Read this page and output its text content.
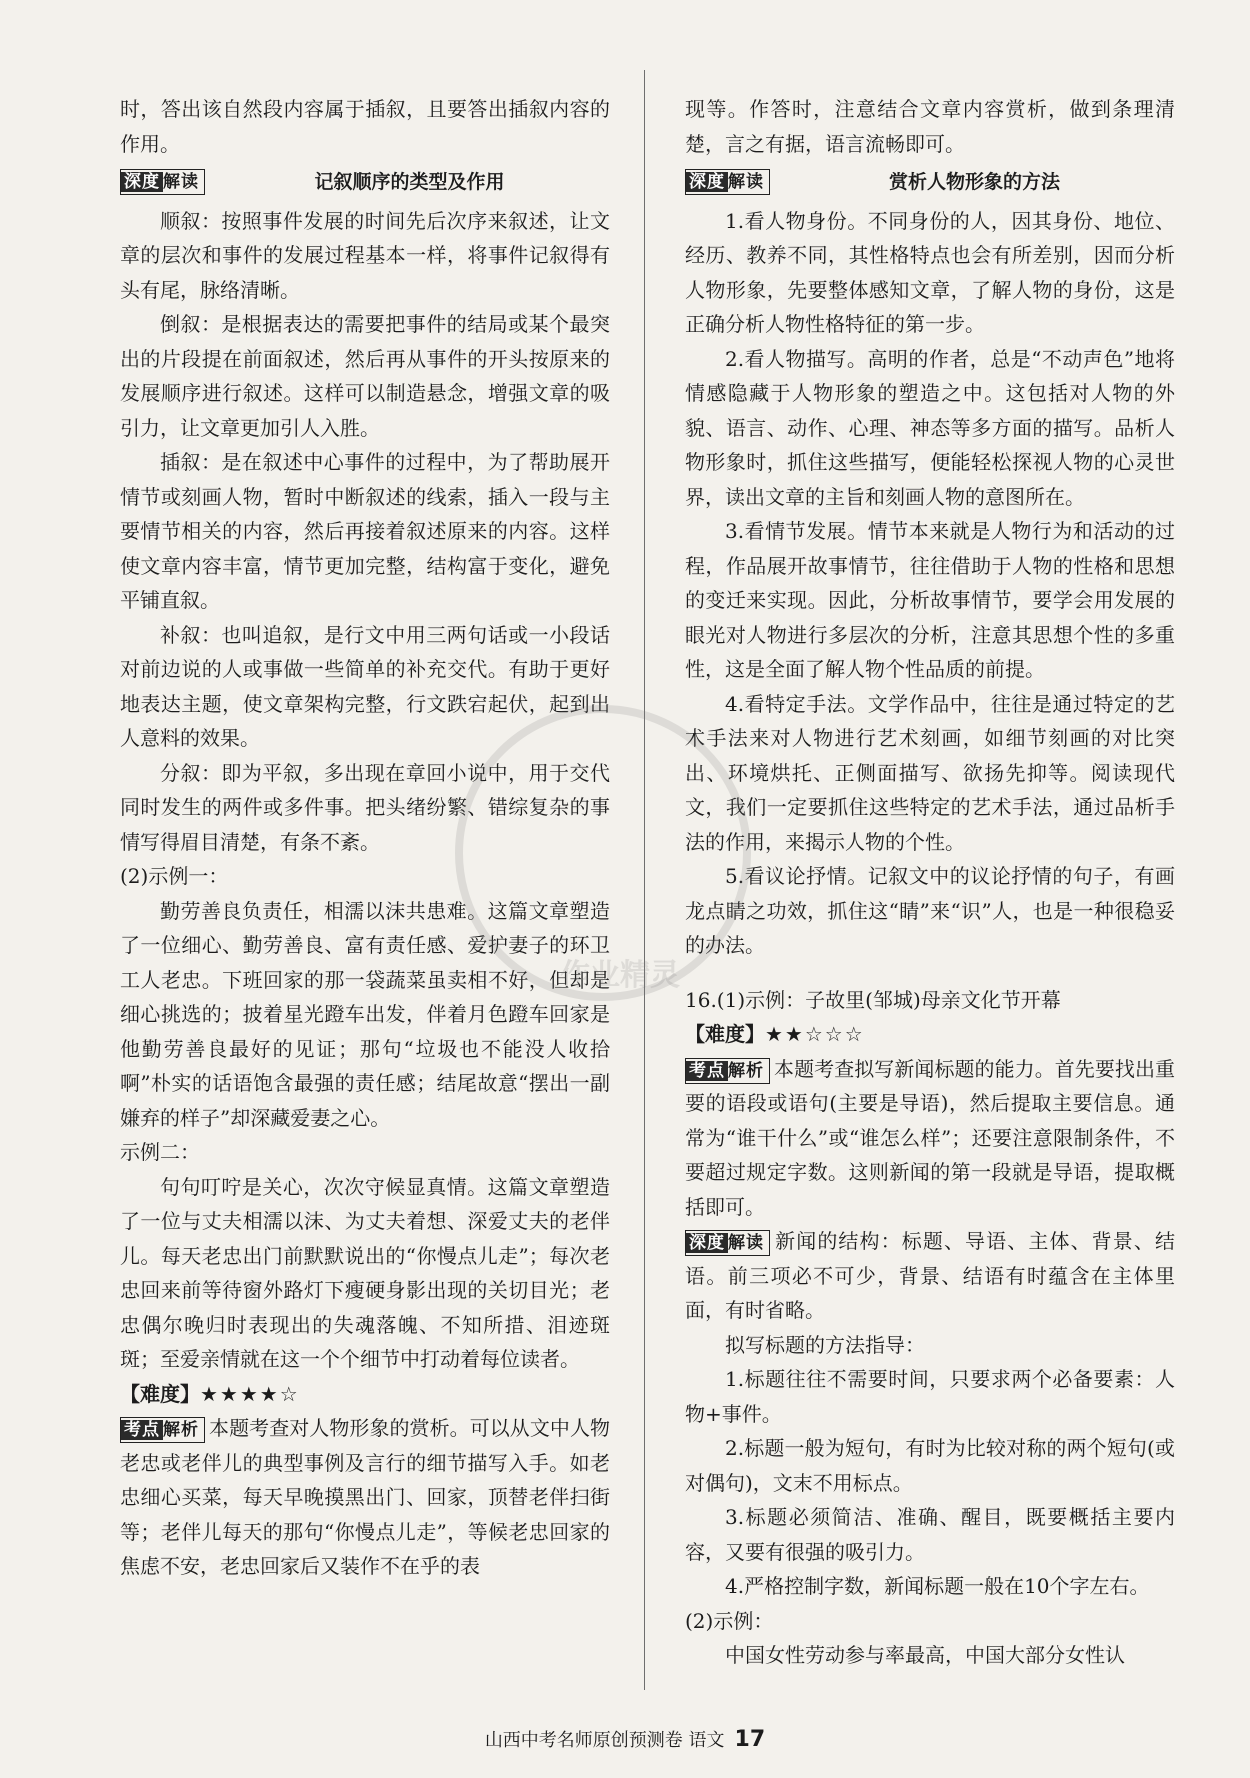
时，答出该自然段内容属于插叙，且要答出插叙内容的作用。

深度 解读	记叙顺序的类型及作用

顺叙：按照事件发展的时间先后次序来叙述，让文章的层次和事件的发展过程基本一样，将事件记叙得有头有尾，脉络清晰。

倒叙：是根据表达的需要把事件的结局或某个最突出的片段提在前面叙述，然后再从事件的开头按原来的发展顺序进行叙述。这样可以制造悬念，增强文章的吸引力，让文章更加引人入胜。

插叙：是在叙述中心事件的过程中，为了帮助展开情节或刻画人物，暂时中断叙述的线索，插入一段与主要情节相关的内容，然后再接着叙述原来的内容。这样使文章内容丰富，情节更加完整，结构富于变化，避免平铺直叙。

补叙：也叫追叙，是行文中用三两句话或一小段话对前边说的人或事做一些简单的补充交代。有助于更好地表达主题，使文章架构完整，行文跌宕起伏，起到出人意料的效果。

分叙：即为平叙，多出现在章回小说中，用于交代同时发生的两件或多件事。把头绪纷繁、错综复杂的事情写得眉目清楚，有条不紊。

(2)示例一：

勤劳善良负责任，相濡以沫共患难。这篇文章塑造了一位细心、勤劳善良、富有责任感、爱护妻子的环卫工人老忠。下班回家的那一袋蔬菜虽卖相不好，但却是细心挑选的；披着星光蹬车出发，伴着月色蹬车回家是他勤劳善良最好的见证；那句“垃圾也不能没人收拾啊”朴实的话语饱含最强的责任感；结尾故意“摆出一副嫌弃的样子”却深藏爱妻之心。

示例二：

句句叮咛是关心，次次守候显真情。这篇文章塑造了一位与丈夫相濡以沫、为丈夫着想、深爱丈夫的老伴儿。每天老忠出门前默默说出的“你慢点儿走”；每次老忠回来前等待窗外路灯下瘦硬身影出现的关切目光；老忠偶尔晚归时表现出的失魂落魄、不知所措、泪迹斑斑；至爱亲情就在这一个个细节中打动着每位读者。

【难度】★★★★☆

考点 解析 本题考查对人物形象的赏析。可以从文中人物老忠或老伴儿的典型事例及言行的细节描写入手。如老忠细心买菜，每天早晚摸黑出门、回家，顶替老伴扫街等；老伴儿每天的那句“你慢点儿走”，等候老忠回家的焦虑不安，老忠回家后又装作不在乎的表

现等。作答时，注意结合文章内容赏析，做到条理清楚，言之有据，语言流畅即可。

深度 解读	赏析人物形象的方法

1.看人物身份。不同身份的人，因其身份、地位、经历、教养不同，其性格特点也会有所差别，因而分析人物形象，先要整体感知文章，了解人物的身份，这是正确分析人物性格特征的第一步。

2.看人物描写。高明的作者，总是“不动声色”地将情感隐藏于人物形象的塑造之中。这包括对人物的外貌、语言、动作、心理、神态等多方面的描写。品析人物形象时，抓住这些描写，便能轻松探视人物的心灵世界，读出文章的主旨和刻画人物的意图所在。

3.看情节发展。情节本来就是人物行为和活动的过程，作品展开故事情节，往往借助于人物的性格和思想的变迁来实现。因此，分析故事情节，要学会用发展的眼光对人物进行多层次的分析，注意其思想个性的多重性，这是全面了解人物个性品质的前提。

4.看特定手法。文学作品中，往往是通过特定的艺术手法来对人物进行艺术刻画，如细节刻画的对比突出、环境烘托、正侧面描写、欲扬先抑等。阅读现代文，我们一定要抓住这些特定的艺术手法，通过品析手法的作用，来揭示人物的个性。

5.看议论抒情。记叙文中的议论抒情的句子，有画龙点睛之功效，抓住这“睛”来“识”人，也是一种很稳妥的办法。

16.(1)示例：子故里(邹城)母亲文化节开幕

【难度】★★☆☆☆

考点 解析 本题考查拟写新闻标题的能力。首先要找出重要的语段或语句(主要是导语)，然后提取主要信息。通常为“谁干什么”或“谁怎么样”；还要注意限制条件，不要超过规定字数。这则新闻的第一段就是导语，提取概括即可。

深度 解读 新闻的结构：标题、导语、主体、背景、结语。前三项必不可少，背景、结语有时蕴含在主体里面，有时省略。

拟写标题的方法指导：

1.标题往往不需要时间，只要求两个必备要素：人物+事件。

2.标题一般为短句，有时为比较对称的两个短句(或对偶句)，文末不用标点。

3.标题必须简洁、准确、醒目，既要概括主要内容，又要有很强的吸引力。

4.严格控制字数，新闻标题一般在10个字左右。

(2)示例：

中国女性劳动参与率最高，中国大部分女性认

作业精灵
山西中考名师原创预测卷 语文 17
